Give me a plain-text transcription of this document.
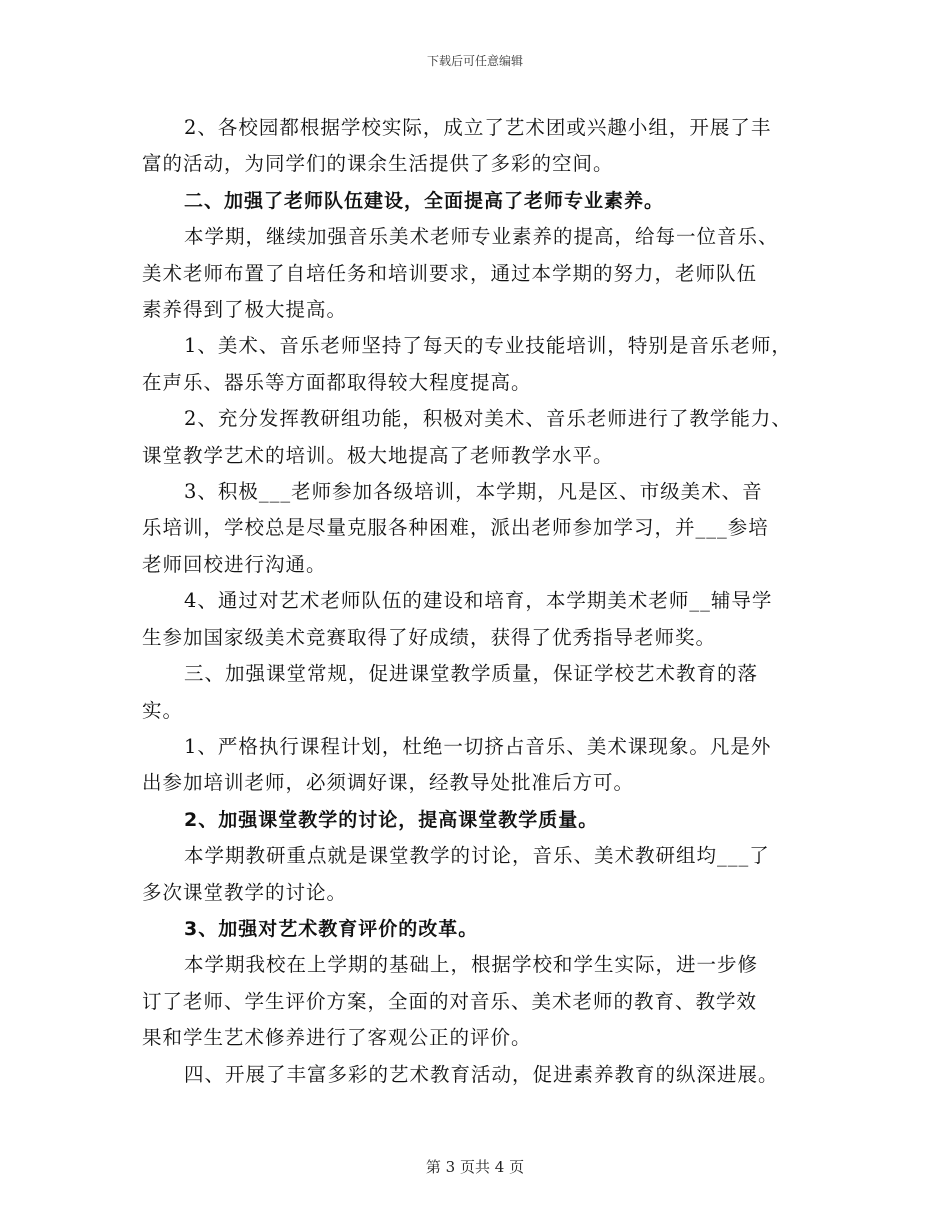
下载后可任意编辑

2、各校园都根据学校实际，成立了艺术团或兴趣小组，开展了丰
富的活动，为同学们的课余生活提供了多彩的空间。

二、加强了老师队伍建设，全面提高了老师专业素养。

本学期，继续加强音乐美术老师专业素养的提高，给每一位音乐、
美术老师布置了自培任务和培训要求，通过本学期的努力，老师队伍
素养得到了极大提高。

1、美术、音乐老师坚持了每天的专业技能培训，特别是音乐老师，
在声乐、器乐等方面都取得较大程度提高。

2、充分发挥教研组功能，积极对美术、音乐老师进行了教学能力、
课堂教学艺术的培训。极大地提高了老师教学水平。

3、积极___老师参加各级培训，本学期，凡是区、市级美术、音
乐培训，学校总是尽量克服各种困难，派出老师参加学习，并___参培
老师回校进行沟通。

4、通过对艺术老师队伍的建设和培育，本学期美术老师__辅导学
生参加国家级美术竞赛取得了好成绩，获得了优秀指导老师奖。

三、加强课堂常规，促进课堂教学质量，保证学校艺术教育的落
实。

1、严格执行课程计划，杜绝一切挤占音乐、美术课现象。凡是外
出参加培训老师，必须调好课，经教导处批准后方可。

2、加强课堂教学的讨论，提高课堂教学质量。

本学期教研重点就是课堂教学的讨论，音乐、美术教研组均___了
多次课堂教学的讨论。

3、加强对艺术教育评价的改革。

本学期我校在上学期的基础上，根据学校和学生实际，进一步修
订了老师、学生评价方案，全面的对音乐、美术老师的教育、教学效
果和学生艺术修养进行了客观公正的评价。

四、开展了丰富多彩的艺术教育活动，促进素养教育的纵深进展。

第 3 页共 4 页
